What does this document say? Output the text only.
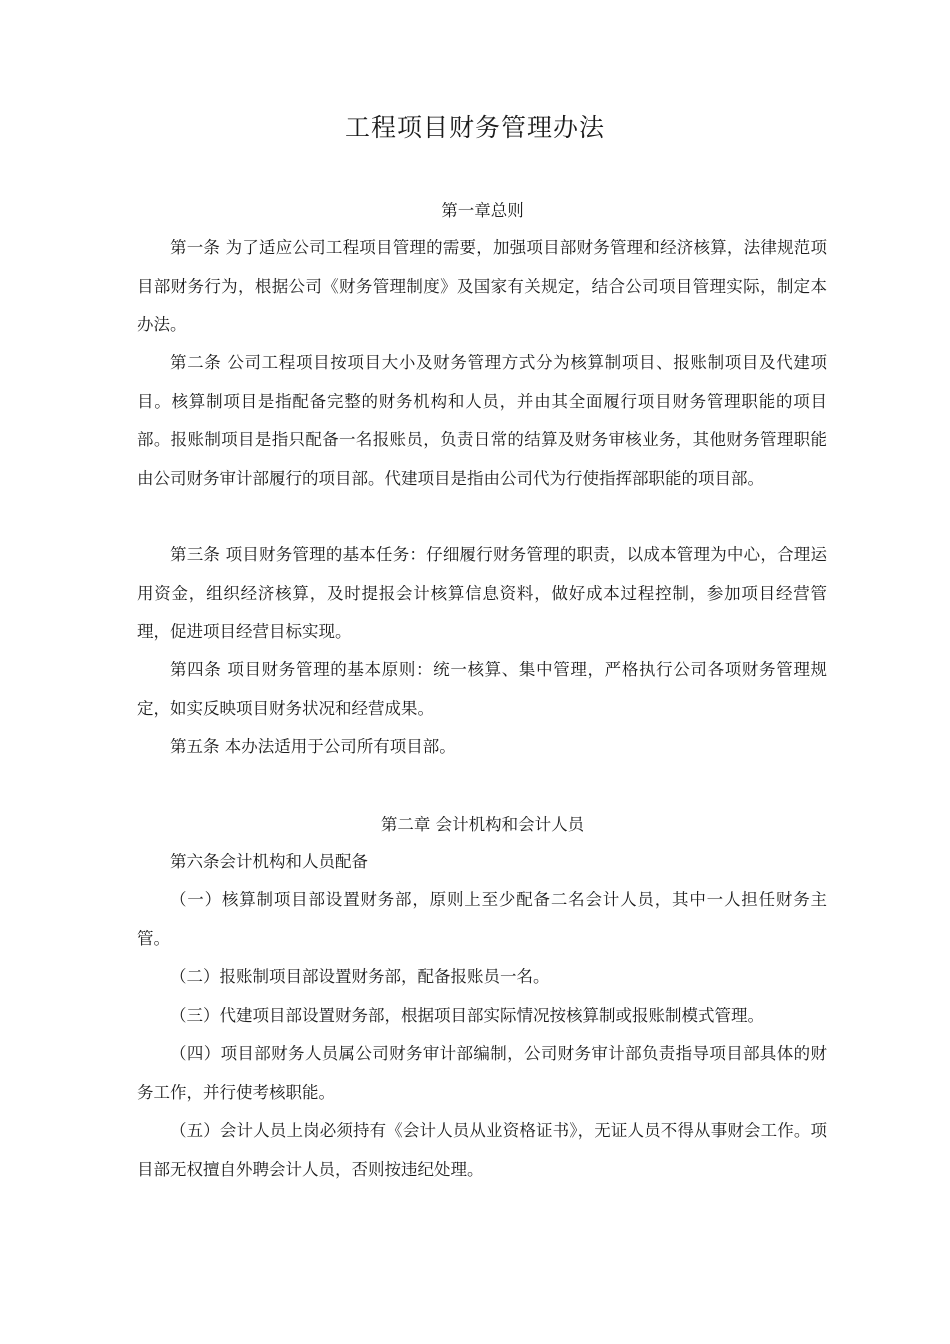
工程项目财务管理办法
第一章总则

第一条 为了适应公司工程项目管理的需要，加强项目部财务管理和经济核算，法律规范项目部财务行为，根据公司《财务管理制度》及国家有关规定，结合公司项目管理实际，制定本办法。

第二条 公司工程项目按项目大小及财务管理方式分为核算制项目、报账制项目及代建项目。核算制项目是指配备完整的财务机构和人员，并由其全面履行项目财务管理职能的项目部。报账制项目是指只配备一名报账员，负责日常的结算及财务审核业务，其他财务管理职能由公司财务审计部履行的项目部。代建项目是指由公司代为行使指挥部职能的项目部。

第三条 项目财务管理的基本任务：仔细履行财务管理的职责，以成本管理为中心，合理运用资金，组织经济核算，及时提报会计核算信息资料，做好成本过程控制，参加项目经营管理，促进项目经营目标实现。

第四条 项目财务管理的基本原则：统一核算、集中管理，严格执行公司各项财务管理规定，如实反映项目财务状况和经营成果。

第五条 本办法适用于公司所有项目部。

第二章 会计机构和会计人员

第六条会计机构和人员配备

（一）核算制项目部设置财务部，原则上至少配备二名会计人员，其中一人担任财务主管。

（二）报账制项目部设置财务部，配备报账员一名。

（三）代建项目部设置财务部，根据项目部实际情况按核算制或报账制模式管理。

（四）项目部财务人员属公司财务审计部编制，公司财务审计部负责指导项目部具体的财务工作，并行使考核职能。

（五）会计人员上岗必须持有《会计人员从业资格证书》，无证人员不得从事财会工作。项目部无权擅自外聘会计人员，否则按违纪处理。
